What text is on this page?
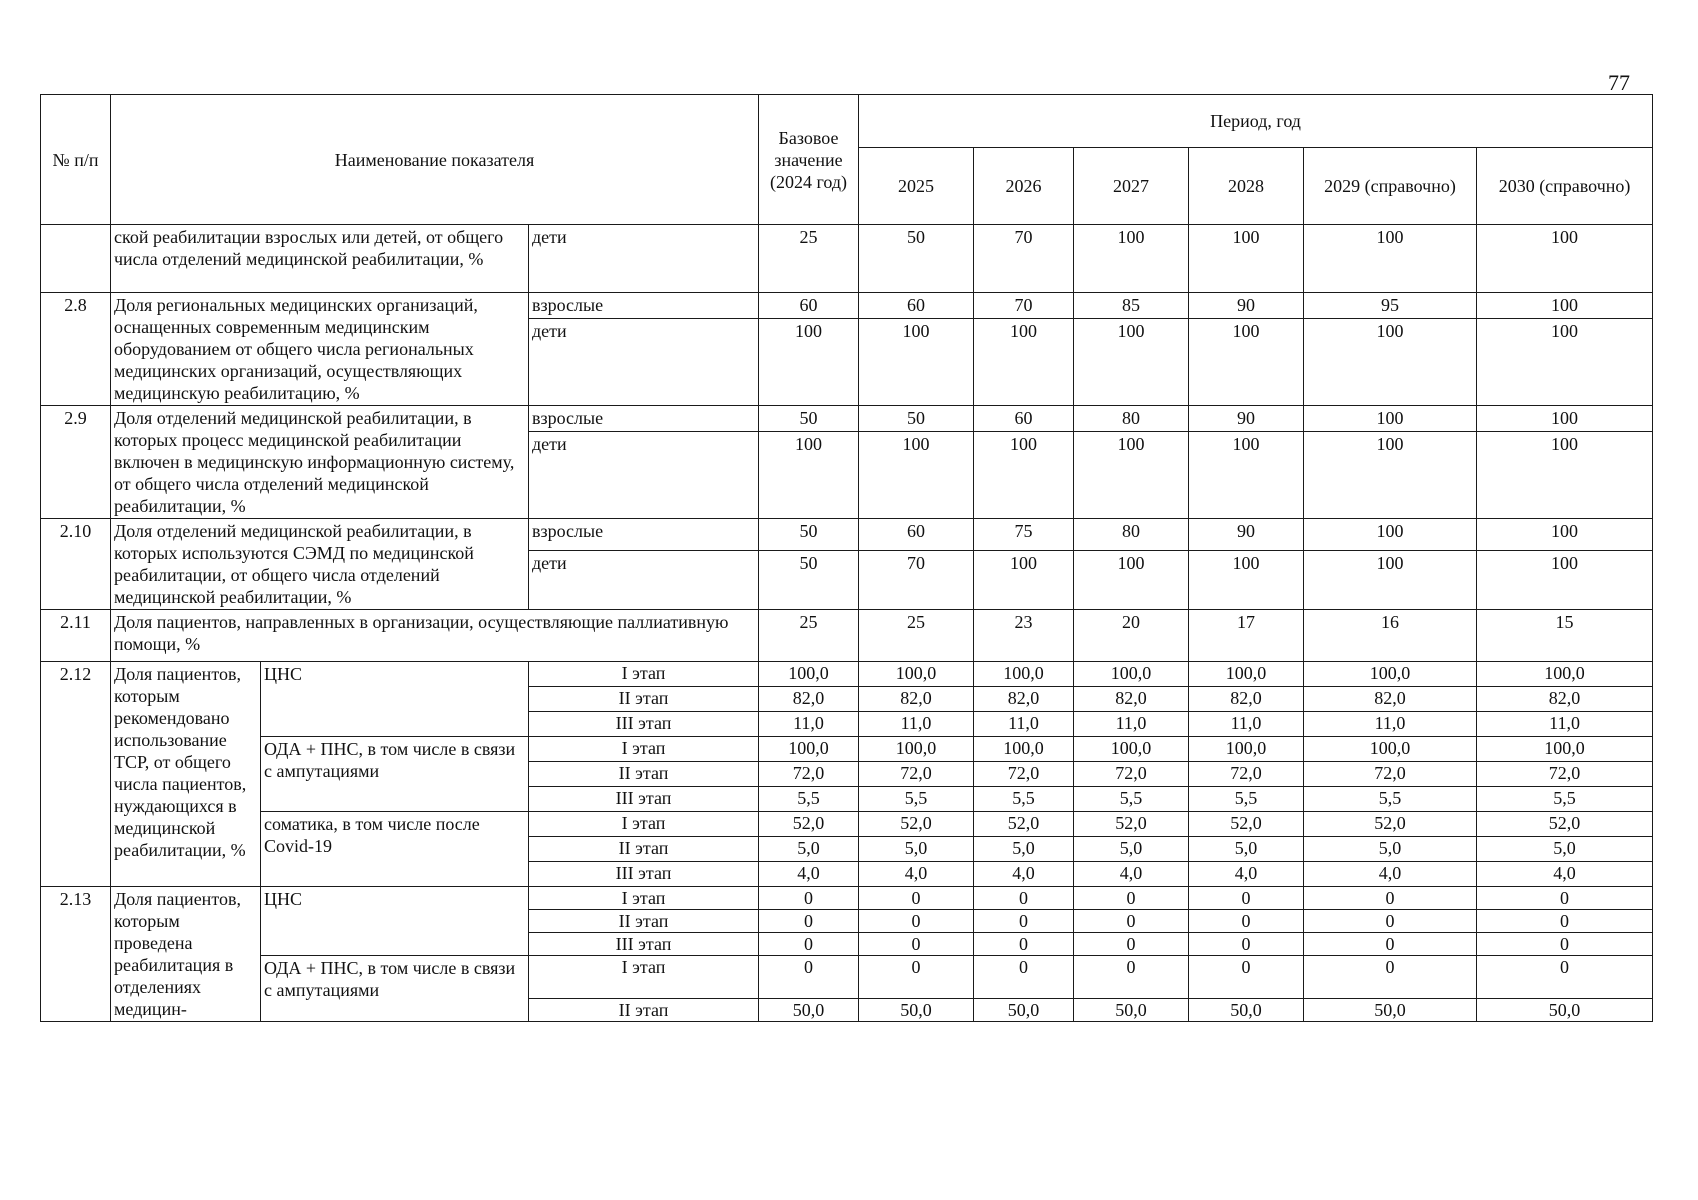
77
№ п/п	Наименование показателя			Базовое значение (2024 год)	Период, год					
					2025	2026	2027	2028	2029 (справочно)	2030 (справочно)
	ской реабилитации взрослых или детей, от общего числа отделений медицинской реабилитации, %		дети	25	50	70	100	100	100	100
2.8	Доля региональных медицинских организаций, оснащенных современным медицинским оборудованием от общего числа региональных медицинских организаций, осуществляющих медицинскую реабилитацию, %		взрослые	60	60	70	85	90	95	100
			дети	100	100	100	100	100	100	100
2.9	Доля отделений медицинской реабилитации, в которых процесс медицинской реабилитации включен в медицинскую информационную систему, от общего числа отделений медицинской реабилитации, %		взрослые	50	50	60	80	90	100	100
			дети	100	100	100	100	100	100	100
2.10	Доля отделений медицинской реабилитации, в которых используются СЭМД по медицинской реабилитации, от общего числа отделений медицинской реабилитации, %		взрослые	50	60	75	80	90	100	100
			дети	50	70	100	100	100	100	100
2.11	Доля пациентов, направленных в организации, осуществляющие паллиативную помощи, %			25	25	23	20	17	16	15
2.12	Доля пациентов, которым рекомендовано использование ТСР, от общего числа пациентов, нуждающихся в медицинской реабилитации, %	ЦНС	I этап	100,0	100,0	100,0	100,0	100,0	100,0	100,0
			II этап	82,0	82,0	82,0	82,0	82,0	82,0	82,0
			III этап	11,0	11,0	11,0	11,0	11,0	11,0	11,0
		ОДА + ПНС, в том числе в связи с ампутациями	I этап	100,0	100,0	100,0	100,0	100,0	100,0	100,0
			II этап	72,0	72,0	72,0	72,0	72,0	72,0	72,0
			III этап	5,5	5,5	5,5	5,5	5,5	5,5	5,5
		соматика, в том числе после Covid-19	I этап	52,0	52,0	52,0	52,0	52,0	52,0	52,0
			II этап	5,0	5,0	5,0	5,0	5,0	5,0	5,0
			III этап	4,0	4,0	4,0	4,0	4,0	4,0	4,0
2.13	Доля пациентов, которым проведена реабилитация в отделениях медицин-	ЦНС	I этап	0	0	0	0	0	0	0
			II этап	0	0	0	0	0	0	0
			III этап	0	0	0	0	0	0	0
		ОДА + ПНС, в том числе в связи с ампутациями	I этап	0	0	0	0	0	0	0
			II этап	50,0	50,0	50,0	50,0	50,0	50,0	50,0
